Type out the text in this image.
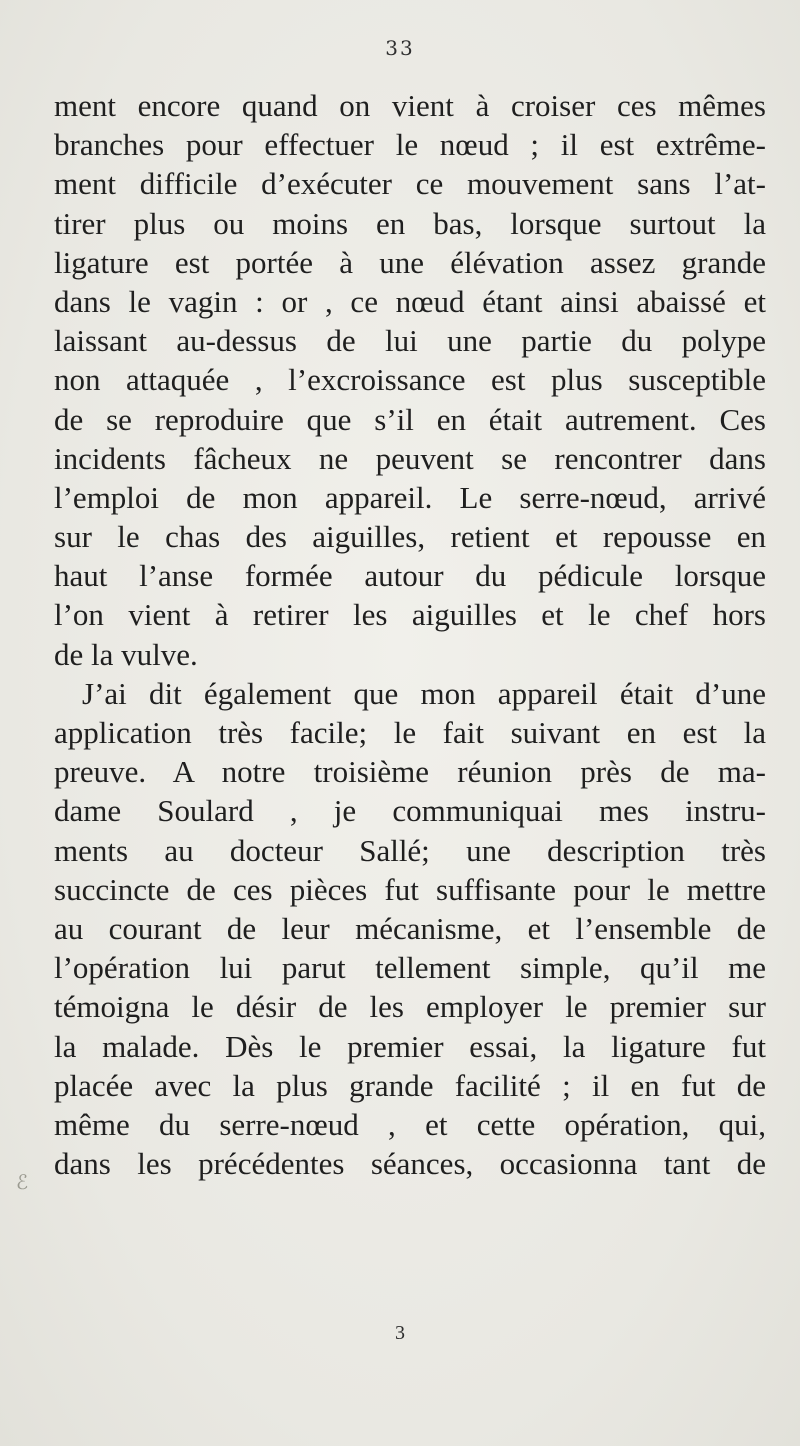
33
ℰ
ment encore quand on vient à croiser ces mêmes
branches pour effectuer le nœud ; il est extrême-
ment difficile d’exécuter ce mouvement sans l’at-
tirer plus ou moins en bas, lorsque surtout la
ligature est portée à une élévation assez grande
dans le vagin : or , ce nœud étant ainsi abaissé et
laissant au-dessus de lui une partie du polype
non attaquée , l’excroissance est plus susceptible
de se reproduire que s’il en était autrement. Ces
incidents fâcheux ne peuvent se rencontrer dans
l’emploi de mon appareil. Le serre-nœud, arrivé
sur le chas des aiguilles, retient et repousse en
haut l’anse formée autour du pédicule lorsque
l’on vient à retirer les aiguilles et le chef hors
de la vulve.
J’ai dit également que mon appareil était d’une
application très facile; le fait suivant en est la
preuve. A notre troisième réunion près de ma-
dame Soulard , je communiquai mes instru-
ments au docteur Sallé; une description très
succincte de ces pièces fut suffisante pour le mettre
au courant de leur mécanisme, et l’ensemble de
l’opération lui parut tellement simple, qu’il me
témoigna le désir de les employer le premier sur
la malade. Dès le premier essai, la ligature fut
placée avec la plus grande facilité ; il en fut de
même du serre-nœud , et cette opération, qui,
dans les précédentes séances, occasionna tant de
3
